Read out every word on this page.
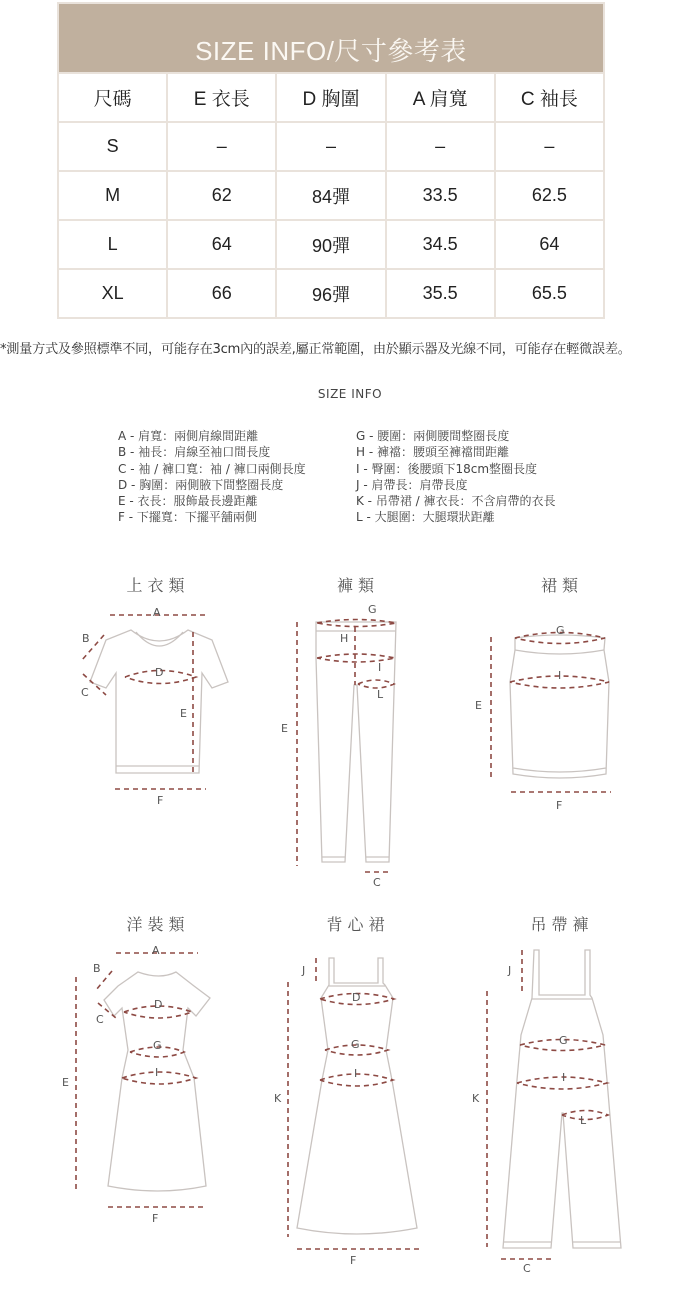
SIZE INFO/尺寸參考表				
尺碼	E 衣長	D 胸圍	A 肩寬	C 袖長
S	–	–	–	–
M	62	84彈	33.5	62.5
L	64	90彈	34.5	64
XL	66	96彈	35.5	65.5
*測量方式及參照標準不同，可能存在3cm內的誤差,屬正常範圍，由於顯示器及光線不同，可能存在輕微誤差。
SIZE INFO
A - 肩寬：兩側肩線間距離
B - 袖長：肩線至袖口間長度
C - 袖 / 褲口寬：袖 / 褲口兩側長度
D - 胸圍：兩側腋下間整圈長度
E - 衣長：服飾最長邊距離
F - 下擺寬：下擺平舖兩側
G - 腰圍：兩側腰間整圈長度
H - 褲襠：腰頭至褲襠間距離
I - 臀圍：後腰頭下18cm整圈長度
J - 肩帶長：肩帶長度
K - 吊帶裙 / 褲衣長：不含肩帶的衣長
L - 大腿圍：大腿環狀距離
上衣類	褲類	裙類
洋裝類	背心裙	吊帶褲
A
B
C
D
E
F
G
H
I
L
E
C
G
I
E
F
A
B
C
D
G
I
E
F
J
D
G
I
K
F
J
G
I
L
K
C
